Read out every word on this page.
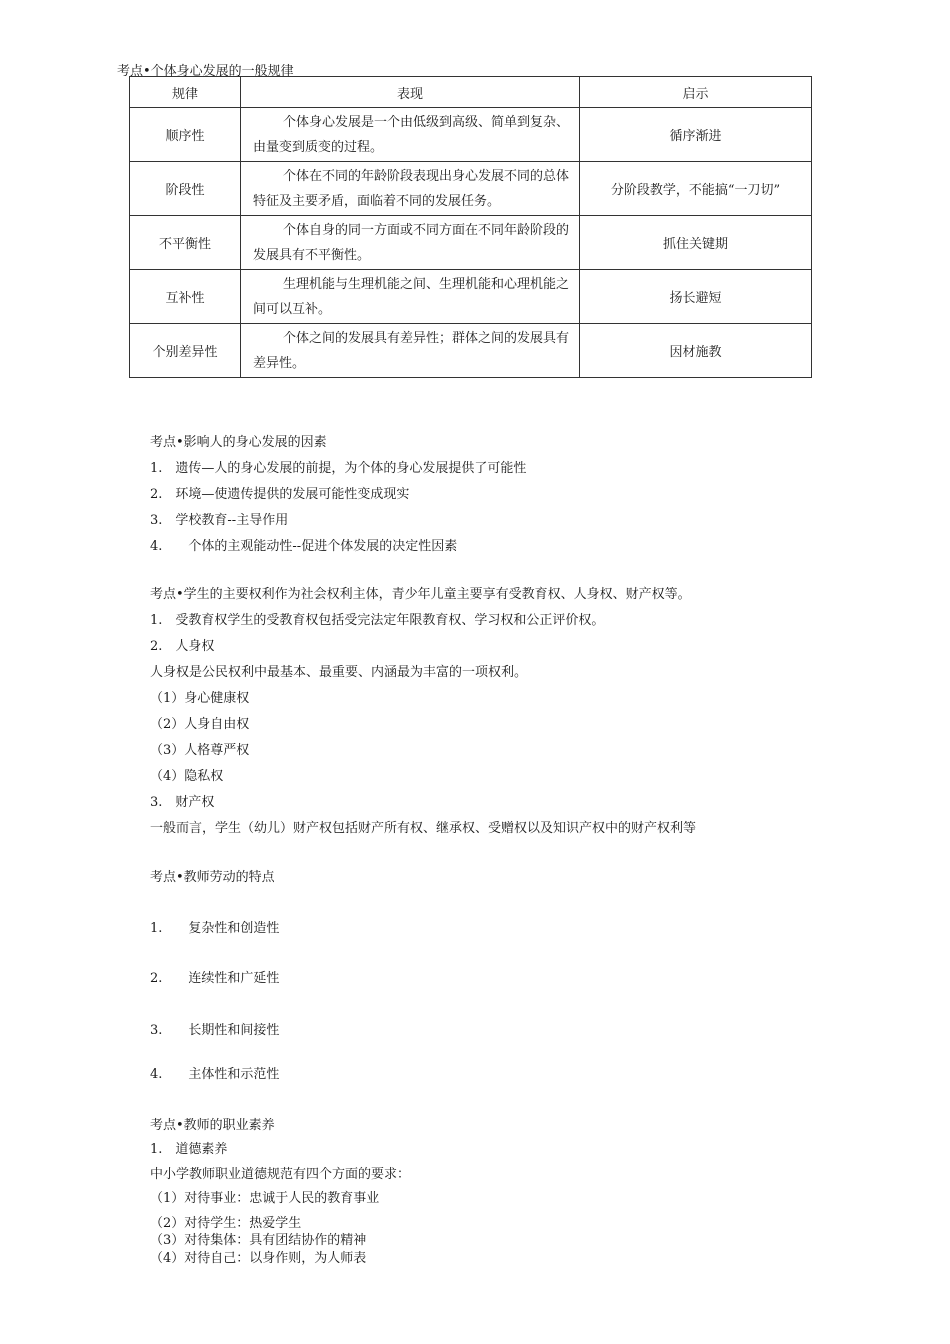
考点•个体身心发展的一般规律
规律	表现	启示
顺序性	个体身心发展是一个由低级到高级、简单到复杂、由量变到质变的过程。	循序渐进
阶段性	个体在不同的年龄阶段表现出身心发展不同的总体特征及主要矛盾，面临着不同的发展任务。	分阶段教学，不能搞“一刀切”
不平衡性	个体自身的同一方面或不同方面在不同年龄阶段的发展具有不平衡性。	抓住关键期
互补性	生理机能与生理机能之间、生理机能和心理机能之间可以互补。	扬长避短
个别差异性	个体之间的发展具有差异性；群体之间的发展具有差异性。	因材施教
考点•影响人的身心发展的因素
1.　遗传—人的身心发展的前提，为个体的身心发展提供了可能性
2.　环境—使遗传提供的发展可能性变成现实
3.　学校教育--主导作用
4.　　个体的主观能动性--促进个体发展的决定性因素
考点•学生的主要权利作为社会权利主体，青少年儿童主要享有受教育权、人身权、财产权等。
1.　受教育权学生的受教育权包括受完法定年限教育权、学习权和公正评价权。
2.　人身权
人身权是公民权利中最基本、最重要、内涵最为丰富的一项权利。
（1）身心健康权
（2）人身自由权
（3）人格尊严权
（4）隐私权
3.　财产权
一般而言，学生（幼儿）财产权包括财产所有权、继承权、受赠权以及知识产权中的财产权利等
考点•教师劳动的特点
1.　　复杂性和创造性
2.　　连续性和广延性
3.　　长期性和间接性
4.　　主体性和示范性
考点•教师的职业素养
1.　道德素养
中小学教师职业道德规范有四个方面的要求：
（1）对待事业：忠诚于人民的教育事业
（2）对待学生：热爱学生
（3）对待集体：具有团结协作的精神
（4）对待自己：以身作则，为人师表
